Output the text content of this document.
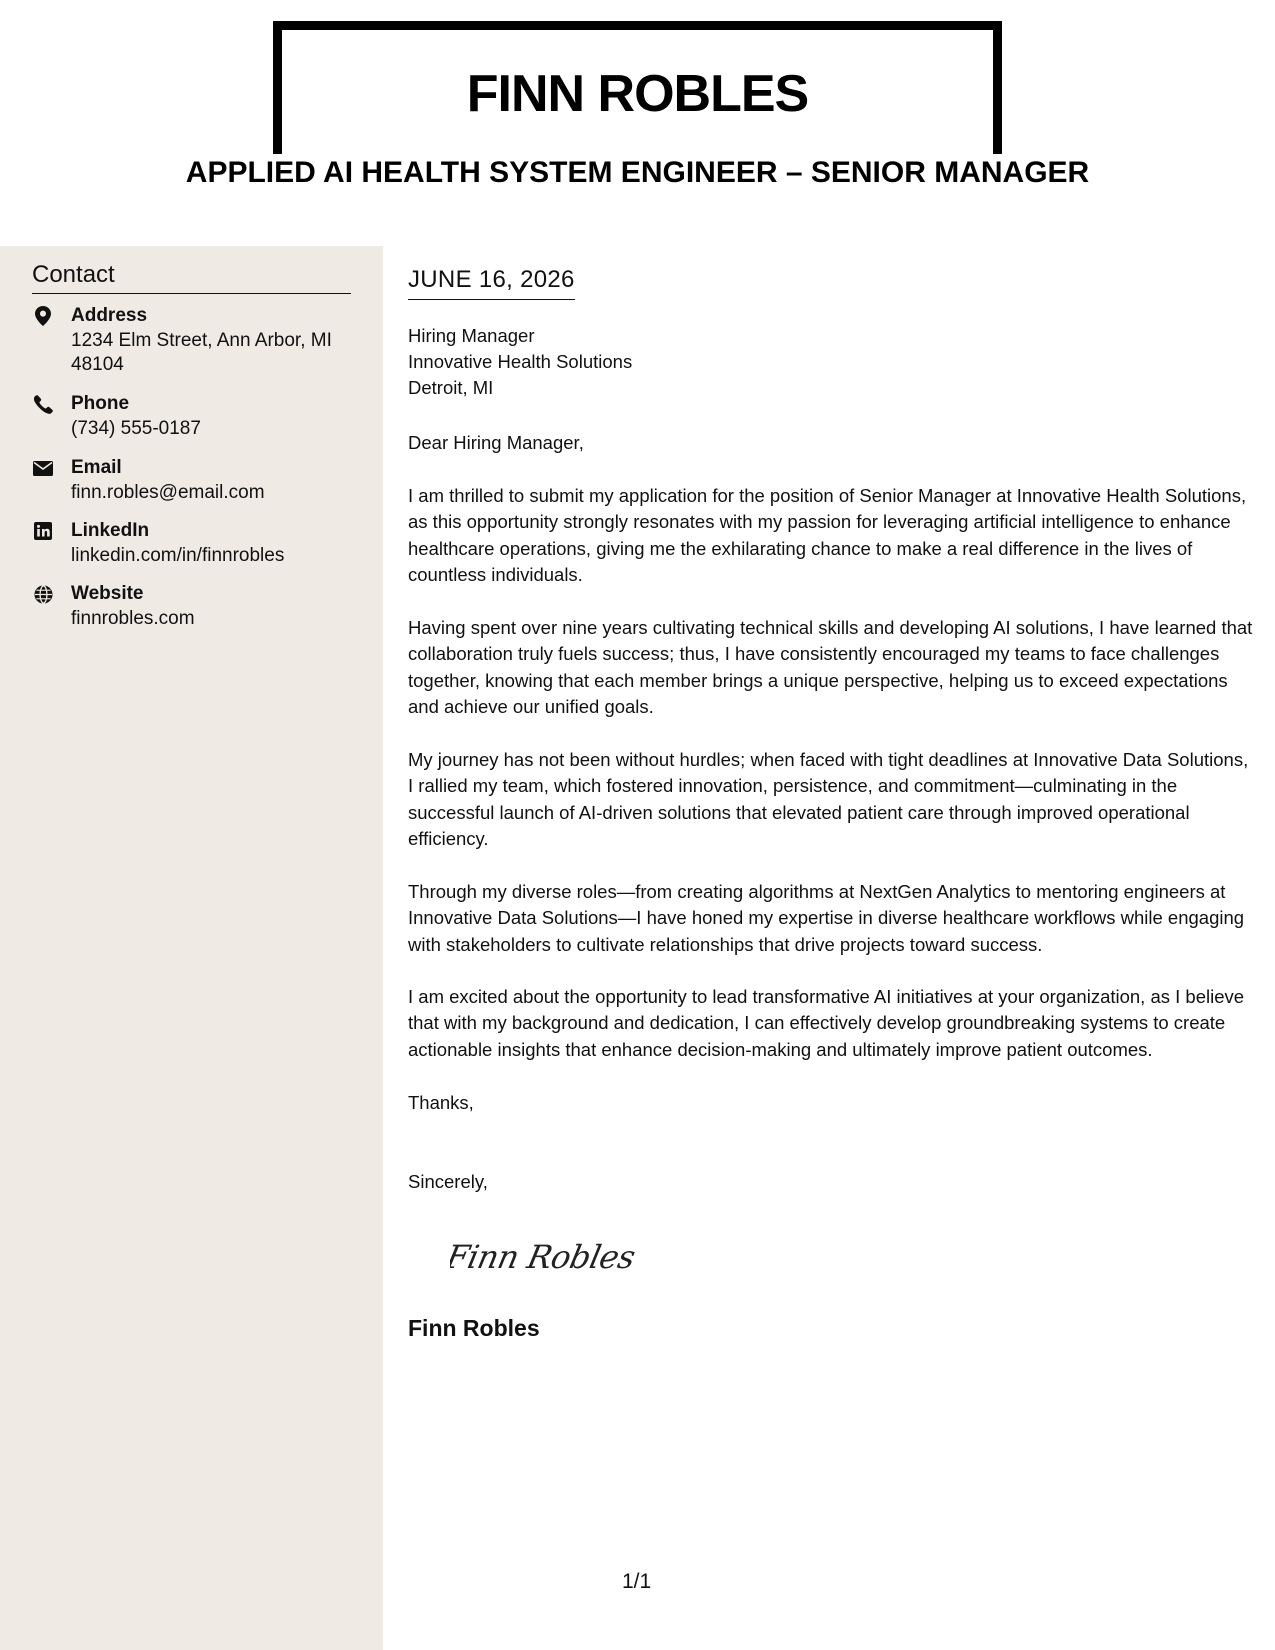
FINN ROBLES
APPLIED AI HEALTH SYSTEM ENGINEER – SENIOR MANAGER
Contact
Address
1234 Elm Street, Ann Arbor, MI 48104
Phone
(734) 555-0187
Email
finn.robles@email.com
LinkedIn
linkedin.com/in/finnrobles
Website
finnrobles.com
JUNE 16, 2026
Hiring Manager
Innovative Health Solutions
Detroit, MI
Dear Hiring Manager,

I am thrilled to submit my application for the position of Senior Manager at Innovative Health Solutions, as this opportunity strongly resonates with my passion for leveraging artificial intelligence to enhance healthcare operations, giving me the exhilarating chance to make a real difference in the lives of countless individuals.

Having spent over nine years cultivating technical skills and developing AI solutions, I have learned that collaboration truly fuels success; thus, I have consistently encouraged my teams to face challenges together, knowing that each member brings a unique perspective, helping us to exceed expectations and achieve our unified goals.

My journey has not been without hurdles; when faced with tight deadlines at Innovative Data Solutions, I rallied my team, which fostered innovation, persistence, and commitment—culminating in the successful launch of AI-driven solutions that elevated patient care through improved operational efficiency.

Through my diverse roles—from creating algorithms at NextGen Analytics to mentoring engineers at Innovative Data Solutions—I have honed my expertise in diverse healthcare workflows while engaging with stakeholders to cultivate relationships that drive projects toward success.

I am excited about the opportunity to lead transformative AI initiatives at your organization, as I believe that with my background and dedication, I can effectively develop groundbreaking systems to create actionable insights that enhance decision-making and ultimately improve patient outcomes.

Thanks,
Sincerely,
Finn Robles
Finn Robles
1/1
